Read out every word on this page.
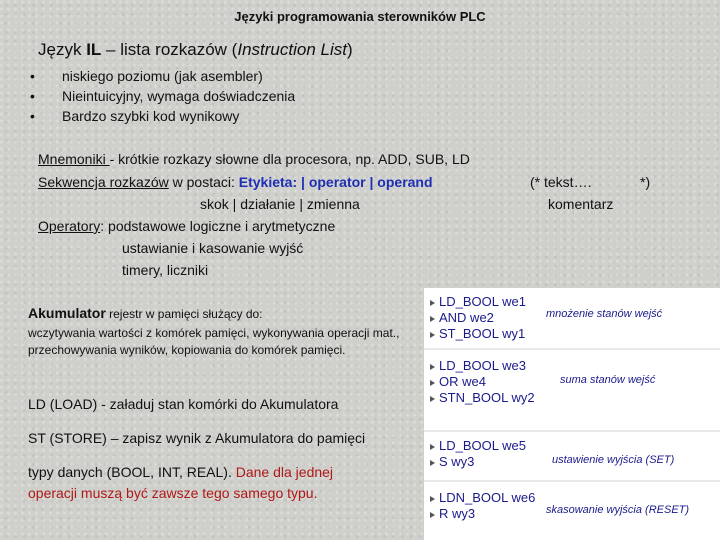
Języki programowania sterowników PLC
Język IL – lista rozkazów (Instruction List)
• niskiego poziomu (jak asembler)
• Nieintuicyjny, wymaga doświadczenia
• Bardzo szybki kod wynikowy
Mnemoniki - krótkie rozkazy słowne dla procesora, np. ADD, SUB, LD
Sekwencja rozkazów w postaci: Etykieta: | operator | operand	(* tekst….	*)
skok | działanie | zmienna	komentarz
Operatory: podstawowe logiczne i arytmetyczne
ustawianie i kasowanie wyjść
timery, liczniki
Akumulator rejestr w pamięci służący do:
wczytywania wartości z komórek pamięci, wykonywania operacji mat., przechowywania wyników, kopiowania do komórek pamięci.
LD (LOAD) - załaduj stan komórki do Akumulatora
ST (STORE) – zapisz wynik z Akumulatora do pamięci
typy danych (BOOL, INT, REAL). Dane dla jednej
operacji muszą być zawsze tego samego typu.
LD_BOOL we1
AND we2
ST_BOOL wy1
mnożenie stanów wejść
LD_BOOL we3
OR we4
STN_BOOL wy2
suma stanów wejść
LD_BOOL we5
S wy3	ustawienie wyjścia (SET)
LDN_BOOL we6
R wy3	skasowanie wyjścia (RESET)
